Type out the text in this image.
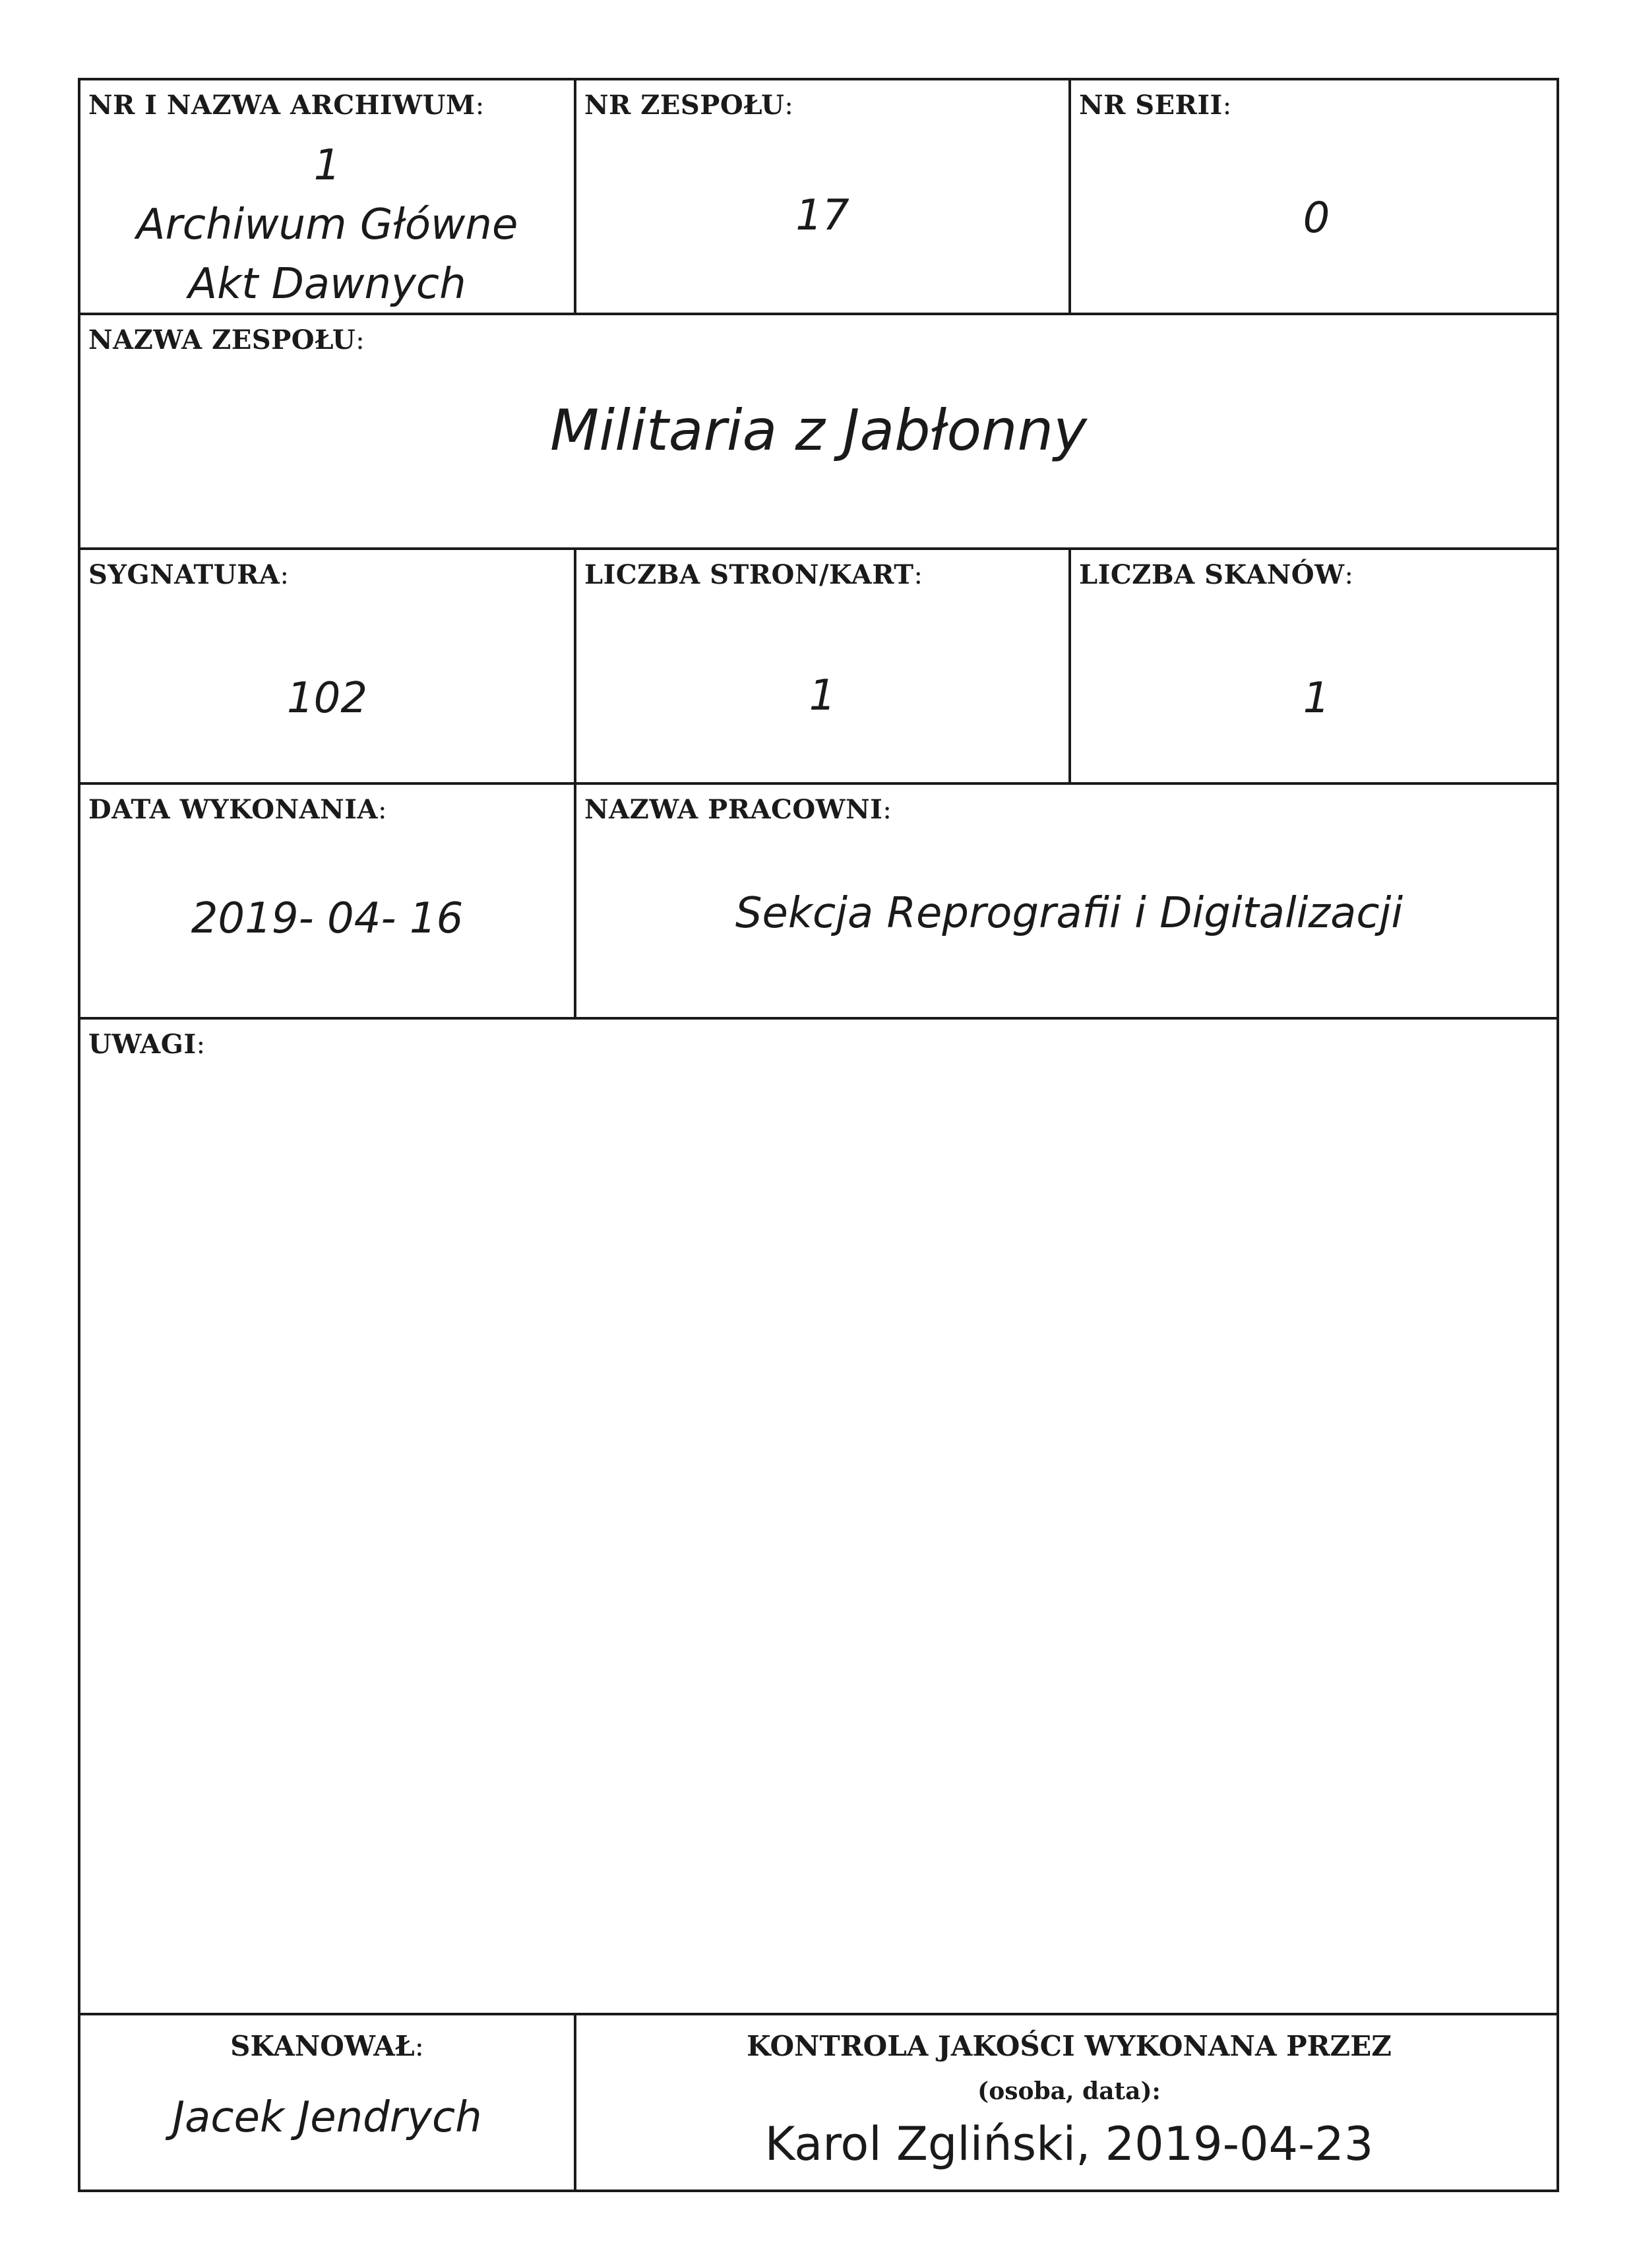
NR I NAZWA ARCHIWUM:
1
Archiwum Główne
Akt Dawnych
NR ZESPOŁU:
17
NR SERII:
0
NAZWA ZESPOŁU:
Militaria z Jabłonny
SYGNATURA:
102
LICZBA STRON/KART:
1
LICZBA SKANÓW:
1
DATA WYKONANIA:
2019- 04- 16
NAZWA PRACOWNI:
Sekcja Reprografii i Digitalizacji
UWAGI:
SKANOWAŁ:
Jacek Jendrych
KONTROLA JAKOŚCI WYKONANA PRZEZ
(osoba, data):
Karol Zgliński, 2019-04-23
